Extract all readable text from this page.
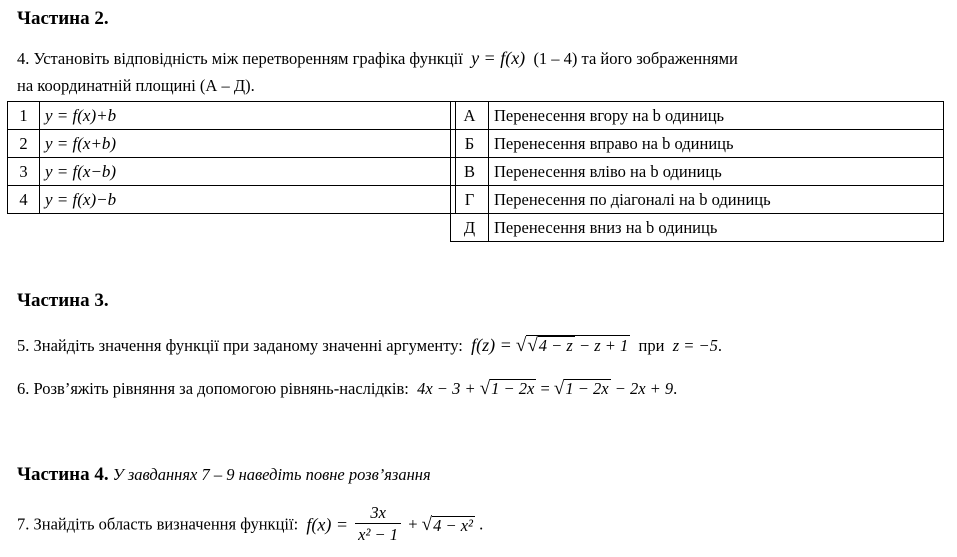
Частина 2.
4. Установіть відповідність між перетворенням графіка функції y = f(x) (1 – 4) та його зображеннями
на координатній площині (А – Д).
1	y = f(x)+b
2	y = f(x+b)
3	y = f(x−b)
4	y = f(x)−b
А	Перенесення вгору на b одиниць
Б	Перенесення вправо на b одиниць
В	Перенесення вліво на b одиниць
Г	Перенесення по діагоналі на b одиниць
Д	Перенесення вниз на b одиниць
Частина 3.
5. Знайдіть значення функції при заданому значенні аргументу: f(z) = √√4 − z − z + 1 при z = −5.
6. Розв’яжіть рівняння за допомогою рівнянь-наслідків: 4x − 3 + √1 − 2x = √1 − 2x − 2x + 9.
Частина 4. У завданнях 7 – 9 наведіть повне розв’язання
7. Знайдіть область визначення функції: $f(x) = \frac{3x}{\text{x² − 1}} + √4 - x^2$ .
